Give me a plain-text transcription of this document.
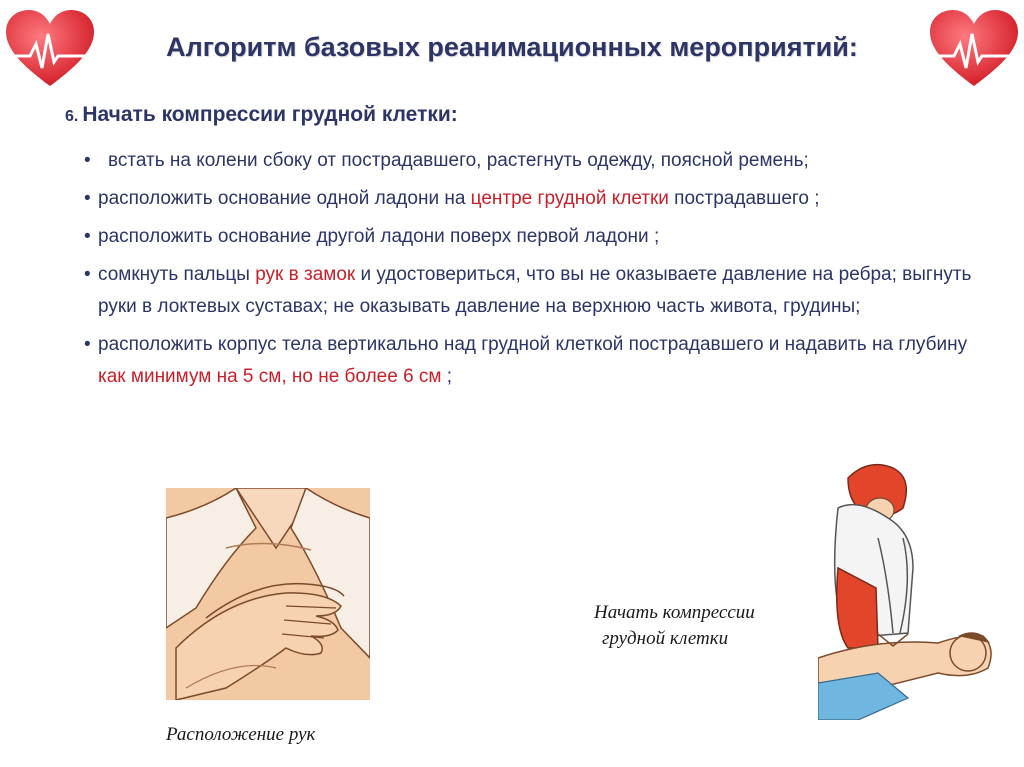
Алгоритм базовых реанимационных мероприятий:
6. Начать компрессии грудной клетки:
• встать на колени сбоку от пострадавшего, растегнуть одежду, поясной ремень;
• расположить основание одной ладони на центре грудной клетки пострадавшего ;
• расположить основание другой ладони поверх первой ладони ;
• сомкнуть пальцы рук в замок и удостовериться, что вы не оказываете давление на ребра; выгнуть руки в локтевых суставах; не оказывать давление на верхнюю часть живота, грудины;
• расположить корпус тела вертикально над грудной клеткой пострадавшего и надавить на глубину как минимум на 5 см, но не более 6 см ;

Начать компрессии
грудной клетки

Расположение рук
